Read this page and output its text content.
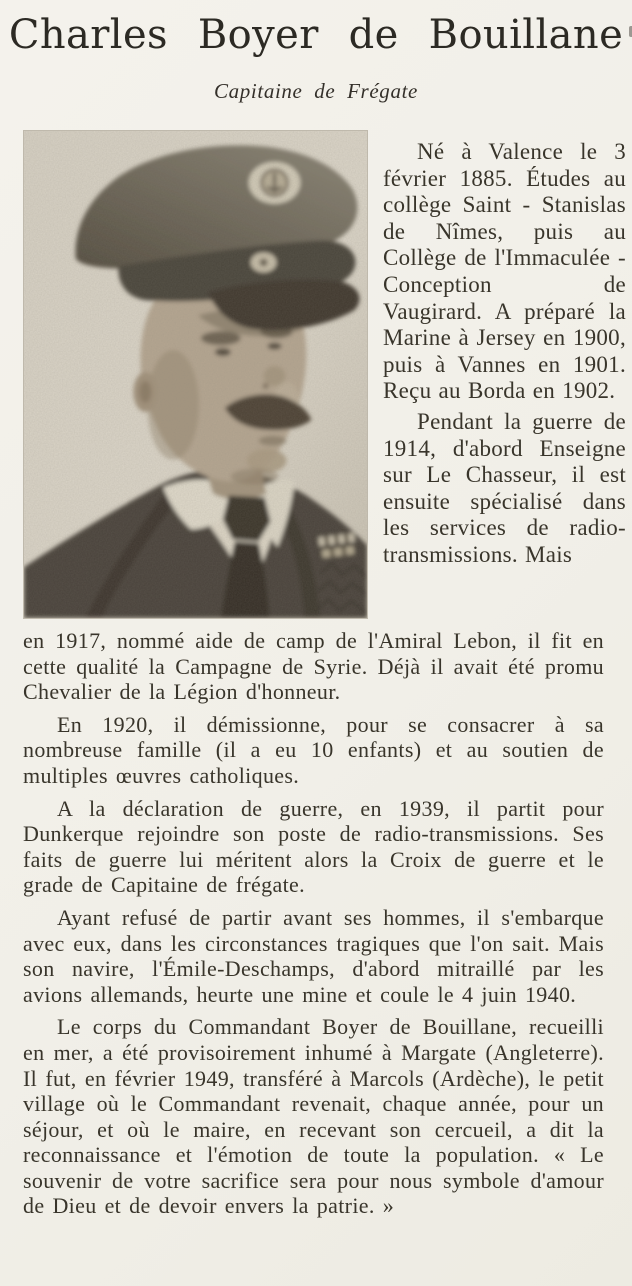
Charles Boyer de Bouillane
Capitaine de Frégate

Né à Valence le 3 février 1885. Études au collège Saint - Stanislas de Nîmes, puis au Collège de l'Immaculée - Conception de Vaugirard. A préparé la Marine à Jersey en 1900, puis à Vannes en 1901. Reçu au Borda en 1902.

Pendant la guerre de 1914, d'abord Enseigne sur Le Chasseur, il est ensuite spécialisé dans les services de radio-transmissions. Mais

en 1917, nommé aide de camp de l'Amiral Lebon, il fit en cette qualité la Campagne de Syrie. Déjà il avait été promu Chevalier de la Légion d'honneur.

En 1920, il démissionne, pour se consacrer à sa nombreuse famille (il a eu 10 enfants) et au soutien de multiples œuvres catholiques.

A la déclaration de guerre, en 1939, il partit pour Dunkerque rejoindre son poste de radio-transmissions. Ses faits de guerre lui méritent alors la Croix de guerre et le grade de Capitaine de frégate.

Ayant refusé de partir avant ses hommes, il s'embarque avec eux, dans les circonstances tragiques que l'on sait. Mais son navire, l'Émile-Deschamps, d'abord mitraillé par les avions allemands, heurte une mine et coule le 4 juin 1940.

Le corps du Commandant Boyer de Bouillane, recueilli en mer, a été provisoirement inhumé à Margate (Angleterre). Il fut, en février 1949, transféré à Marcols (Ardèche), le petit village où le Commandant revenait, chaque année, pour un séjour, et où le maire, en recevant son cercueil, a dit la reconnaissance et l'émotion de toute la population. « Le souvenir de votre sacrifice sera pour nous symbole d'amour de Dieu et de devoir envers la patrie. »
